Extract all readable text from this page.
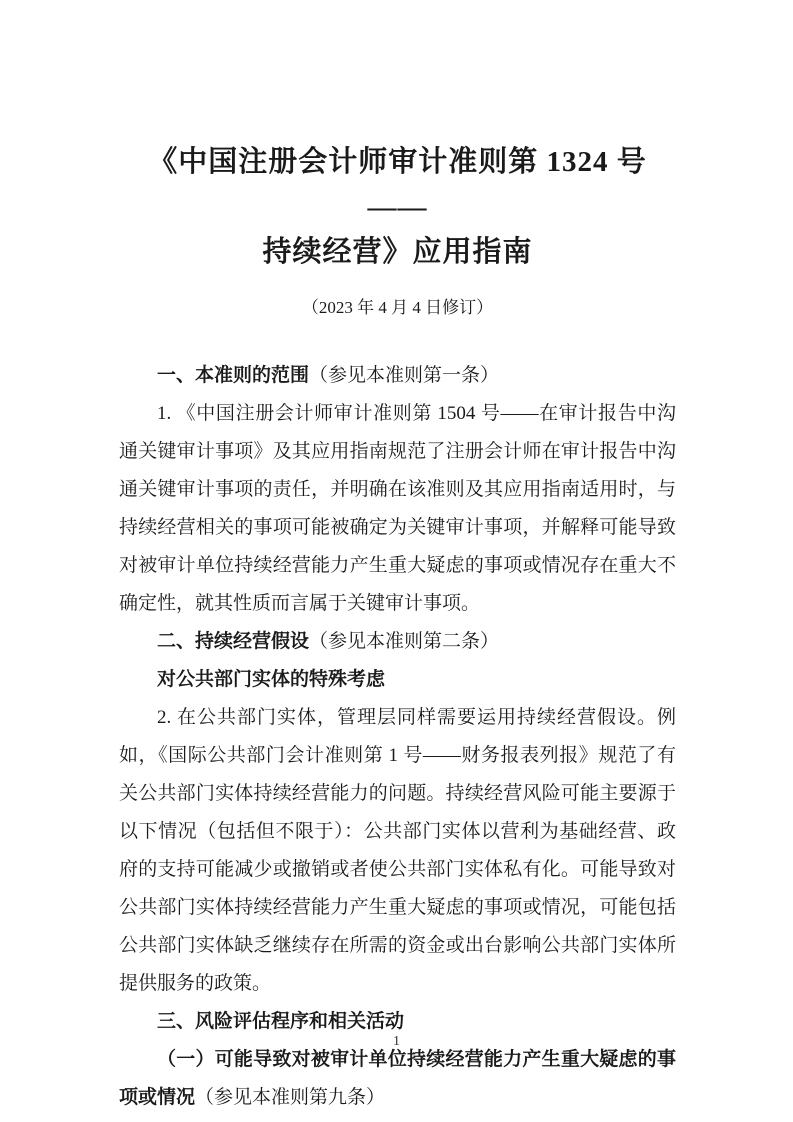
《中国注册会计师审计准则第 1324 号——
持续经营》应用指南
（2023 年 4 月 4 日修订）

一、本准则的范围（参见本准则第一条）

1. 《中国注册会计师审计准则第 1504 号——在审计报告中沟通关键审计事项》及其应用指南规范了注册会计师在审计报告中沟通关键审计事项的责任，并明确在该准则及其应用指南适用时，与持续经营相关的事项可能被确定为关键审计事项，并解释可能导致对被审计单位持续经营能力产生重大疑虑的事项或情况存在重大不确定性，就其性质而言属于关键审计事项。

二、持续经营假设（参见本准则第二条）

对公共部门实体的特殊考虑

2. 在公共部门实体，管理层同样需要运用持续经营假设。例如，《国际公共部门会计准则第 1 号——财务报表列报》规范了有关公共部门实体持续经营能力的问题。持续经营风险可能主要源于以下情况（包括但不限于）：公共部门实体以营利为基础经营、政府的支持可能减少或撤销或者使公共部门实体私有化。可能导致对公共部门实体持续经营能力产生重大疑虑的事项或情况，可能包括公共部门实体缺乏继续存在所需的资金或出台影响公共部门实体所提供服务的政策。

三、风险评估程序和相关活动

（一）可能导致对被审计单位持续经营能力产生重大疑虑的事项或情况（参见本准则第九条）

1
